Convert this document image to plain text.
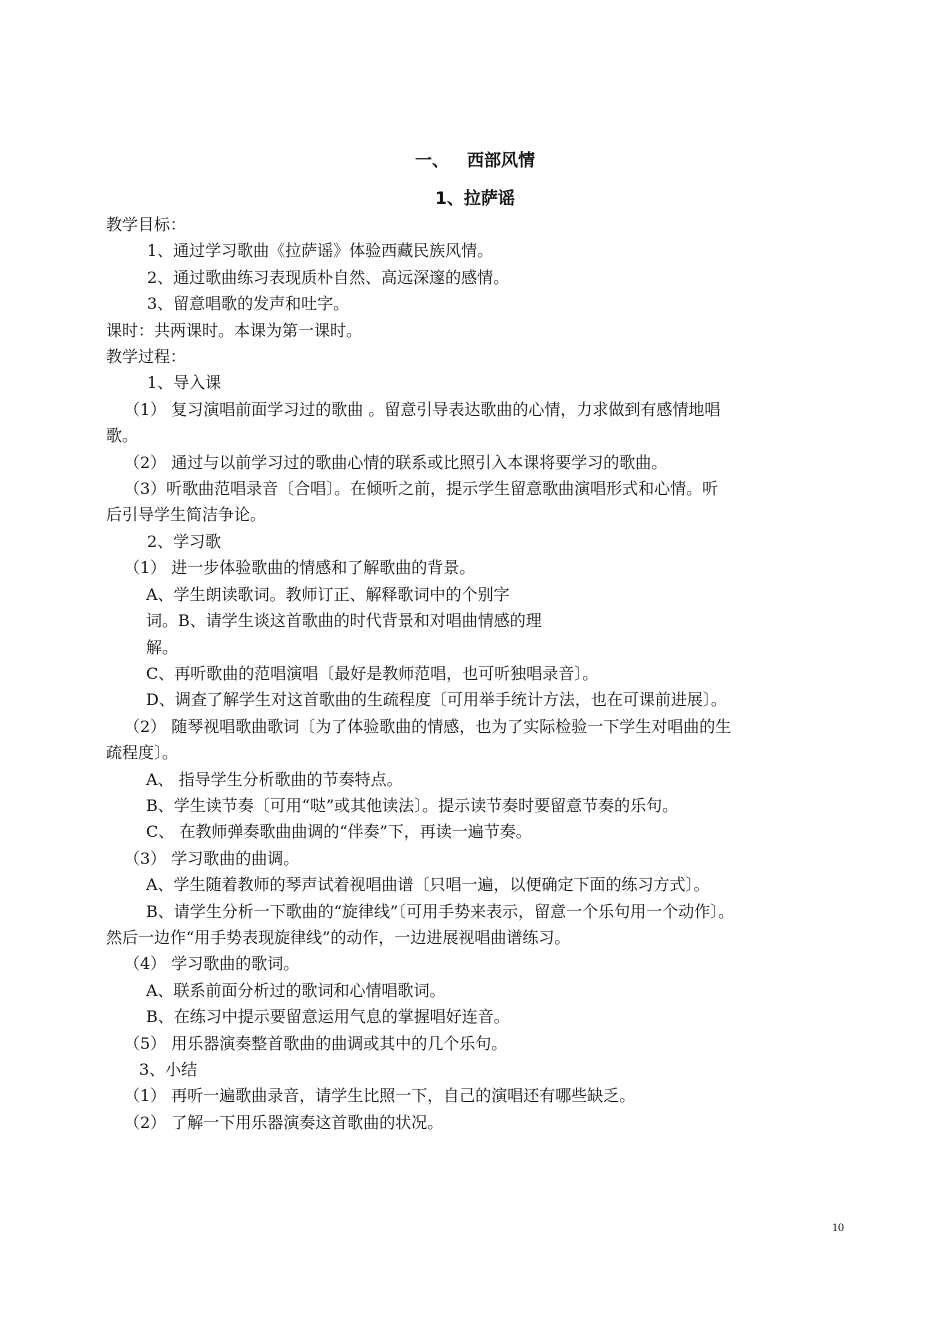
一、 西部风情
1、拉萨谣
教学目标：
1、通过学习歌曲《拉萨谣》体验西藏民族风情。
2、通过歌曲练习表现质朴自然、高远深邃的感情。
3、留意唱歌的发声和吐字。
课时：共两课时。本课为第一课时。
教学过程：
1、导入课
（1） 复习演唱前面学习过的歌曲 。留意引导表达歌曲的心情，力求做到有感情地唱
歌。
（2） 通过与以前学习过的歌曲心情的联系或比照引入本课将要学习的歌曲。
（3）听歌曲范唱录音〔合唱〕。在倾听之前，提示学生留意歌曲演唱形式和心情。听
后引导学生简洁争论。
2、学习歌
（1） 进一步体验歌曲的情感和了解歌曲的背景。
A、学生朗读歌词。教师订正、解释歌词中的个别字
词。B、请学生谈这首歌曲的时代背景和对唱曲情感的理
解。
C、再听歌曲的范唱演唱〔最好是教师范唱，也可听独唱录音〕。
D、调查了解学生对这首歌曲的生疏程度〔可用举手统计方法，也在可课前进展〕。
（2） 随琴视唱歌曲歌词〔为了体验歌曲的情感，也为了实际检验一下学生对唱曲的生
疏程度〕。
A、 指导学生分析歌曲的节奏特点。
B、学生读节奏〔可用“哒”或其他读法〕。提示读节奏时要留意节奏的乐句。
C、 在教师弹奏歌曲曲调的“伴奏”下，再读一遍节奏。
（3） 学习歌曲的曲调。
A、学生随着教师的琴声试着视唱曲谱〔只唱一遍，以便确定下面的练习方式〕。
B、请学生分析一下歌曲的“旋律线”〔可用手势来表示，留意一个乐句用一个动作〕。
然后一边作“用手势表现旋律线”的动作，一边进展视唱曲谱练习。
（4） 学习歌曲的歌词。
A、联系前面分析过的歌词和心情唱歌词。
B、在练习中提示要留意运用气息的掌握唱好连音。
（5） 用乐器演奏整首歌曲的曲调或其中的几个乐句。
3、小结
（1） 再听一遍歌曲录音，请学生比照一下，自己的演唱还有哪些缺乏。
（2） 了解一下用乐器演奏这首歌曲的状况。
10
